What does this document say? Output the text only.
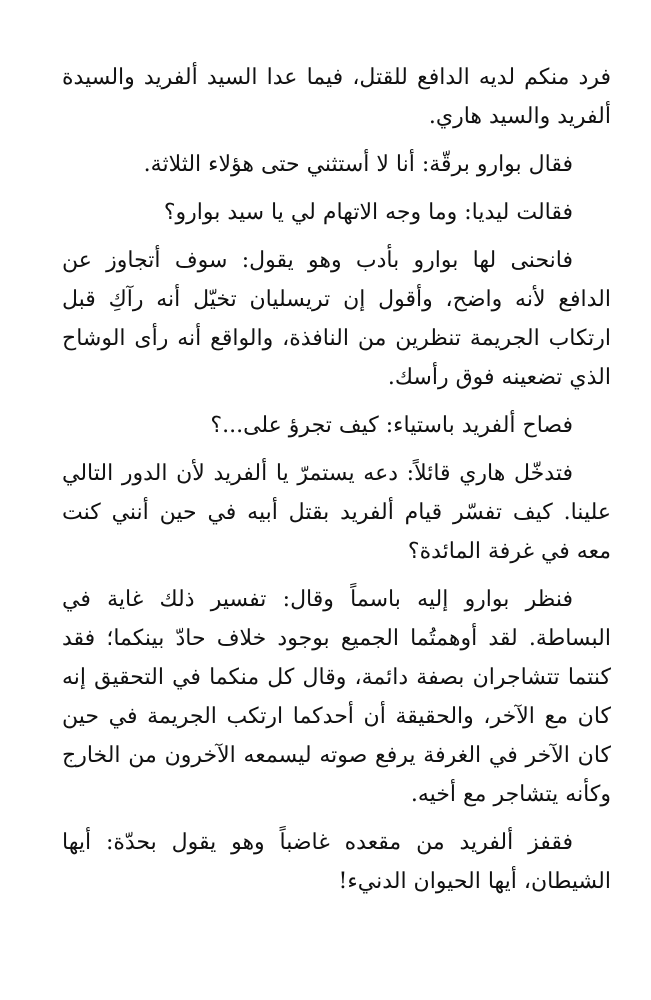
فرد منكم لديه الدافع للقتل، فيما عدا السيد ألفريد والسيدة ألفريد والسيد هاري.

فقال بوارو برقّة: أنا لا أستثني حتى هؤلاء الثلاثة.

فقالت ليديا: وما وجه الاتهام لي يا سيد بوارو؟

فانحنى لها بوارو بأدب وهو يقول: سوف أتجاوز عن الدافع لأنه واضح، وأقول إن تريسليان تخيّل أنه رآكِ قبل ارتكاب الجريمة تنظرين من النافذة، والواقع أنه رأى الوشاح الذي تضعينه فوق رأسك.

فصاح ألفريد باستياء: كيف تجرؤ على...؟

فتدخّل هاري قائلاً: دعه يستمرّ يا ألفريد لأن الدور التالي علينا. كيف تفسّر قيام ألفريد بقتل أبيه في حين أنني كنت معه في غرفة المائدة؟

فنظر بوارو إليه باسماً وقال: تفسير ذلك غاية في البساطة. لقد أوهمتُما الجميع بوجود خلاف حادّ بينكما؛ فقد كنتما تتشاجران بصفة دائمة، وقال كل منكما في التحقيق إنه كان مع الآخر، والحقيقة أن أحدكما ارتكب الجريمة في حين كان الآخر في الغرفة يرفع صوته ليسمعه الآخرون من الخارج وكأنه يتشاجر مع أخيه.

فقفز ألفريد من مقعده غاضباً وهو يقول بحدّة: أيها الشيطان، أيها الحيوان الدنيء!
